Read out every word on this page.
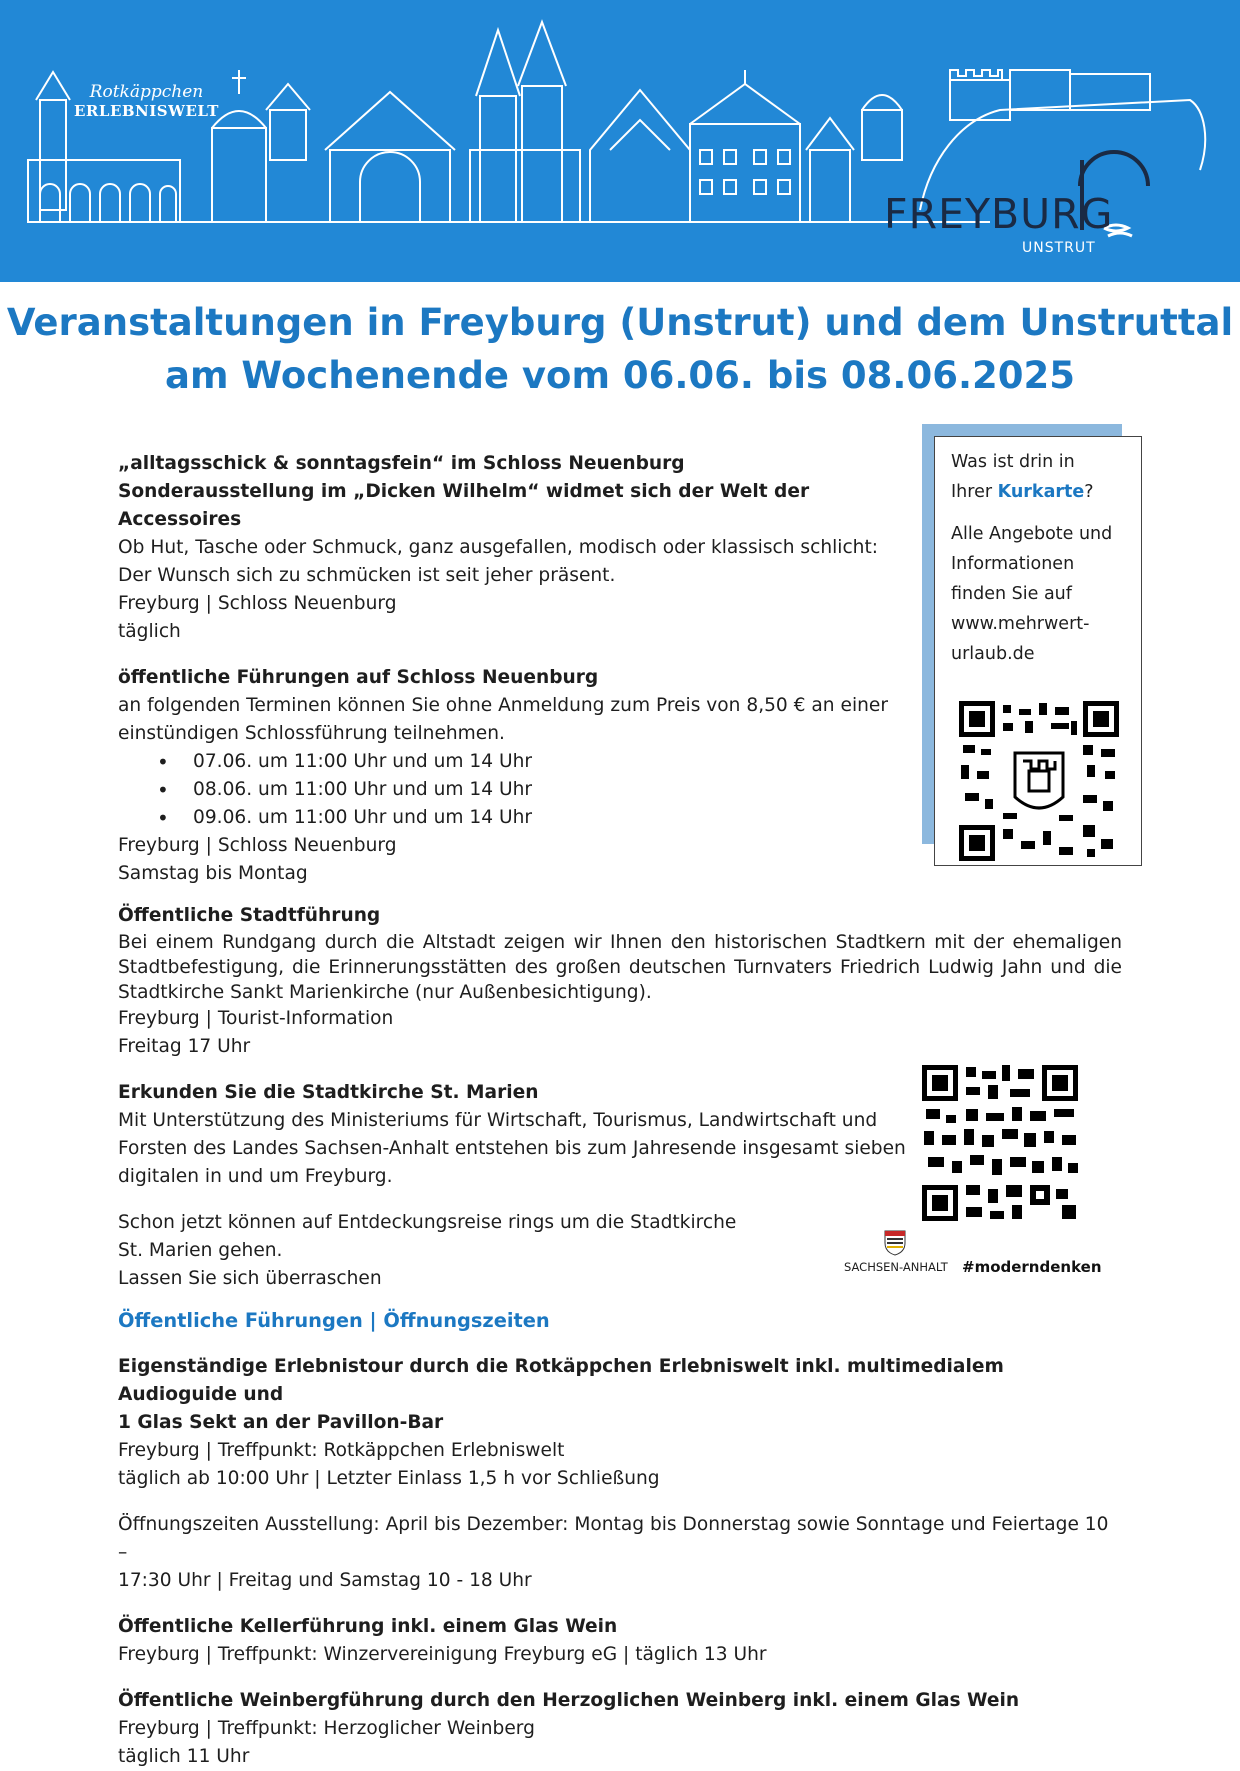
Rotkäppchen
ERLEBNISWELT
FREYBURG
UNSTRUT
Veranstaltungen in Freyburg (Unstrut) und dem Unstruttal
am Wochenende vom 06.06. bis 08.06.2025
Was ist drin in
Ihrer Kurkarte?
Alle Angebote und
Informationen
finden Sie auf
www.mehrwert-
urlaub.de

„alltagsschick & sonntagsfein“ im Schloss Neuenburg

Sonderausstellung im „Dicken Wilhelm“ widmet sich der Welt der Accessoires

Ob Hut, Tasche oder Schmuck, ganz ausgefallen, modisch oder klassisch schlicht:

Der Wunsch sich zu schmücken ist seit jeher präsent.

Freyburg | Schloss Neuenburg

täglich

öffentliche Führungen auf Schloss Neuenburg

an folgenden Terminen können Sie ohne Anmeldung zum Preis von 8,50 € an einer

einstündigen Schlossführung teilnehmen.

• 07.06. um 11:00 Uhr und um 14 Uhr
• 08.06. um 11:00 Uhr und um 14 Uhr
• 09.06. um 11:00 Uhr und um 14 Uhr

Freyburg | Schloss Neuenburg

Samstag bis Montag

Öffentliche Stadtführung

Bei einem Rundgang durch die Altstadt zeigen wir Ihnen den historischen Stadtkern mit der ehemaligen Stadtbefestigung, die Erinnerungsstätten des großen deutschen Turnvaters Friedrich Ludwig Jahn und die Stadtkirche Sankt Marienkirche (nur Außenbesichtigung).

Freyburg | Tourist-Information

Freitag 17 Uhr

Erkunden Sie die Stadtkirche St. Marien

Mit Unterstützung des Ministeriums für Wirtschaft, Tourismus, Landwirtschaft und

Forsten des Landes Sachsen-Anhalt entstehen bis zum Jahresende insgesamt sieben

digitalen in und um Freyburg.

Schon jetzt können auf Entdeckungsreise rings um die Stadtkirche

St. Marien gehen.

Lassen Sie sich überraschen

Öffentliche Führungen | Öffnungszeiten

Eigenständige Erlebnistour durch die Rotkäppchen Erlebniswelt inkl. multimedialem Audioguide und

1 Glas Sekt an der Pavillon-Bar

Freyburg | Treffpunkt: Rotkäppchen Erlebniswelt

täglich ab 10:00 Uhr | Letzter Einlass 1,5 h vor Schließung

Öffnungszeiten Ausstellung: April bis Dezember: Montag bis Donnerstag sowie Sonntage und Feiertage 10 –

17:30 Uhr | Freitag und Samstag 10 - 18 Uhr

Öffentliche Kellerführung inkl. einem Glas Wein

Freyburg | Treffpunkt: Winzervereinigung Freyburg eG | täglich 13 Uhr

Öffentliche Weinbergführung durch den Herzoglichen Weinberg inkl. einem Glas Wein

Freyburg | Treffpunkt: Herzoglicher Weinberg

täglich 11 Uhr

SACHSEN-ANHALT #moderndenken
